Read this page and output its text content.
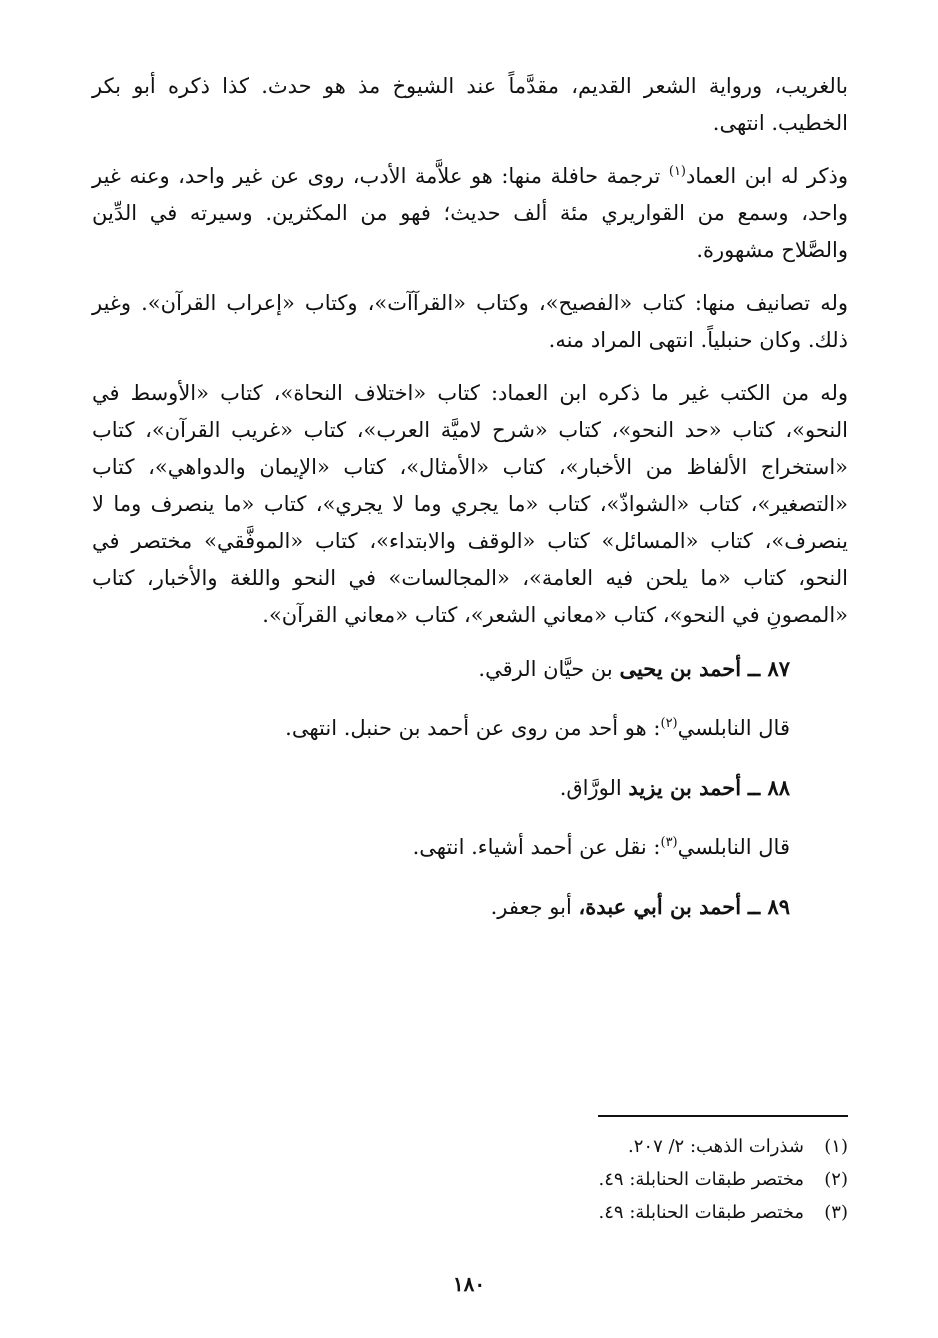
بالغريب، ورواية الشعر القديم، مقدَّماً عند الشيوخ مذ هو حدث. كذا ذكره أبو بكر الخطيب. انتهى.

وذكر له ابن العماد$^{(١)}$ ترجمة حافلة منها: هو علاَّمة الأدب، روى عن غير واحد، وعنه غير واحد، وسمع من القواريري مئة ألف حديث؛ فهو من المكثرين. وسيرته في الدِّين والصَّلاح مشهورة.

وله تصانيف منها: كتاب «الفصيح»، وكتاب «القرآآت»، وكتاب «إعراب القرآن». وغير ذلك. وكان حنبلياً. انتهى المراد منه.

وله من الكتب غير ما ذكره ابن العماد: كتاب «اختلاف النحاة»، كتاب «الأوسط في النحو»، كتاب «حد النحو»، كتاب «شرح لاميَّة العرب»، كتاب «غريب القرآن»، كتاب «استخراج الألفاظ من الأخبار»، كتاب «الأمثال»، كتاب «الإيمان والدواهي»، كتاب «التصغير»، كتاب «الشواذّ»، كتاب «ما يجري وما لا يجري»، كتاب «ما ينصرف وما لا ينصرف»، كتاب «المسائل» كتاب «الوقف والابتداء»، كتاب «الموفَّقي» مختصر في النحو، كتاب «ما يلحن فيه العامة»، «المجالسات» في النحو واللغة والأخبار، كتاب «المصونِ في النحو»، كتاب «معاني الشعر»، كتاب «معاني القرآن».

٨٧ ــ أحمد بن يحيى بن حيَّان الرقي.
قال النابلسي$^{(٢)}$: هو أحد من روى عن أحمد بن حنبل. انتهى.
٨٨ ــ أحمد بن يزيد الورَّاق.
قال النابلسي$^{(٣)}$: نقل عن أحمد أشياء. انتهى.
٨٩ ــ أحمد بن أبي عبدة، أبو جعفر.
(١)شذرات الذهب: ٢/ ٢٠٧.
(٢)مختصر طبقات الحنابلة: ٤٩.
(٣)مختصر طبقات الحنابلة: ٤٩.
١٨٠
